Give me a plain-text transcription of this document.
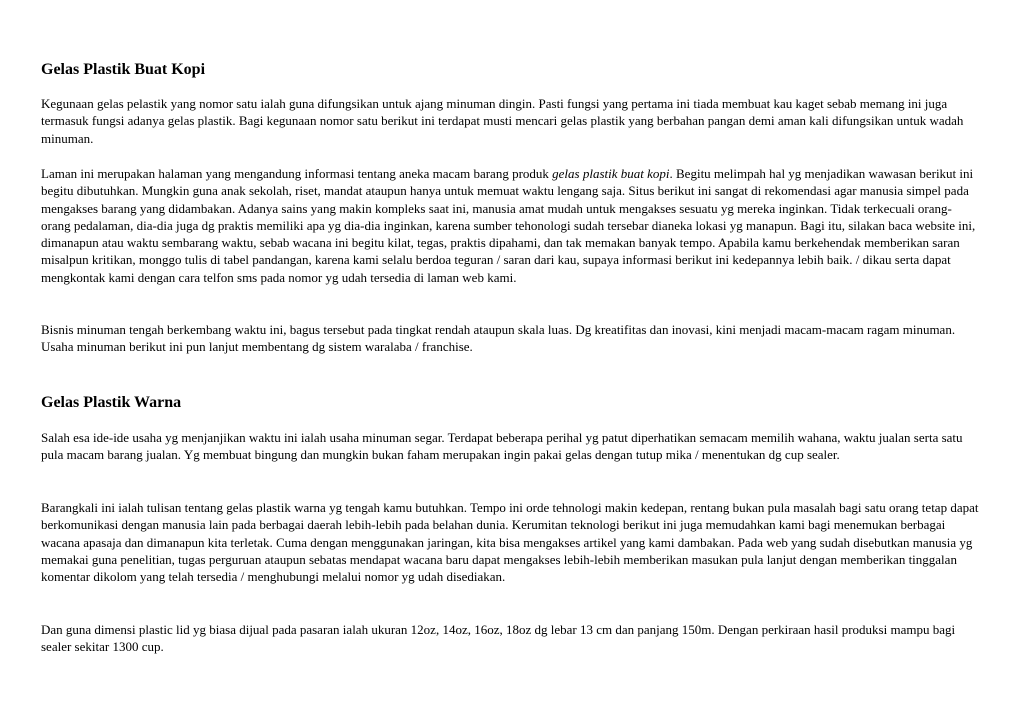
Gelas Plastik Buat Kopi

Kegunaan gelas pelastik yang nomor satu ialah guna difungsikan untuk ajang minuman dingin. Pasti fungsi yang pertama ini tiada membuat kau kaget sebab memang ini juga termasuk fungsi adanya gelas plastik. Bagi kegunaan nomor satu berikut ini terdapat musti mencari gelas plastik yang berbahan pangan demi aman kali difungsikan untuk wadah minuman.

Laman ini merupakan halaman yang mengandung informasi tentang aneka macam barang produk gelas plastik buat kopi. Begitu melimpah hal yg menjadikan wawasan berikut ini begitu dibutuhkan. Mungkin guna anak sekolah, riset, mandat ataupun hanya untuk memuat waktu lengang saja. Situs berikut ini sangat di rekomendasi agar manusia simpel pada mengakses barang yang didambakan. Adanya sains yang makin kompleks saat ini, manusia amat mudah untuk mengakses sesuatu yg mereka inginkan. Tidak terkecuali orang-orang pedalaman, dia-dia juga dg praktis memiliki apa yg dia-dia inginkan, karena sumber tehonologi sudah tersebar dianeka lokasi yg manapun. Bagi itu, silakan baca website ini, dimanapun atau waktu sembarang waktu, sebab wacana ini begitu kilat, tegas, praktis dipahami, dan tak memakan banyak tempo. Apabila kamu berkehendak memberikan saran misalpun kritikan, monggo tulis di tabel pandangan, karena kami selalu berdoa teguran / saran dari kau, supaya informasi berikut ini kedepannya lebih baik. / dikau serta dapat mengkontak kami dengan cara telfon sms pada nomor yg udah tersedia di laman web kami.

Bisnis minuman tengah berkembang waktu ini, bagus tersebut pada tingkat rendah ataupun skala luas. Dg kreatifitas dan inovasi, kini menjadi macam-macam ragam minuman. Usaha minuman berikut ini pun lanjut membentang dg sistem waralaba / franchise.

Gelas Plastik Warna

Salah esa ide-ide usaha yg menjanjikan waktu ini ialah usaha minuman segar. Terdapat beberapa perihal yg patut diperhatikan semacam memilih wahana, waktu jualan serta satu pula macam barang jualan. Yg membuat bingung dan mungkin bukan faham merupakan ingin pakai gelas dengan tutup mika / menentukan dg cup sealer.

Barangkali ini ialah tulisan tentang gelas plastik warna yg tengah kamu butuhkan. Tempo ini orde tehnologi makin kedepan, rentang bukan pula masalah bagi satu orang tetap dapat berkomunikasi dengan manusia lain pada berbagai daerah lebih-lebih pada belahan dunia. Kerumitan teknologi berikut ini juga memudahkan kami bagi menemukan berbagai wacana apasaja dan dimanapun kita terletak. Cuma dengan menggunakan jaringan, kita bisa mengakses artikel yang kami dambakan. Pada web yang sudah disebutkan manusia yg memakai guna penelitian, tugas perguruan ataupun sebatas mendapat wacana baru dapat mengakses lebih-lebih memberikan masukan pula lanjut dengan memberikan tinggalan komentar dikolom yang telah tersedia / menghubungi melalui nomor yg udah disediakan.

Dan guna dimensi plastic lid yg biasa dijual pada pasaran ialah ukuran 12oz, 14oz, 16oz, 18oz dg lebar 13 cm dan panjang 150m. Dengan perkiraan hasil produksi mampu bagi sealer sekitar 1300 cup.
